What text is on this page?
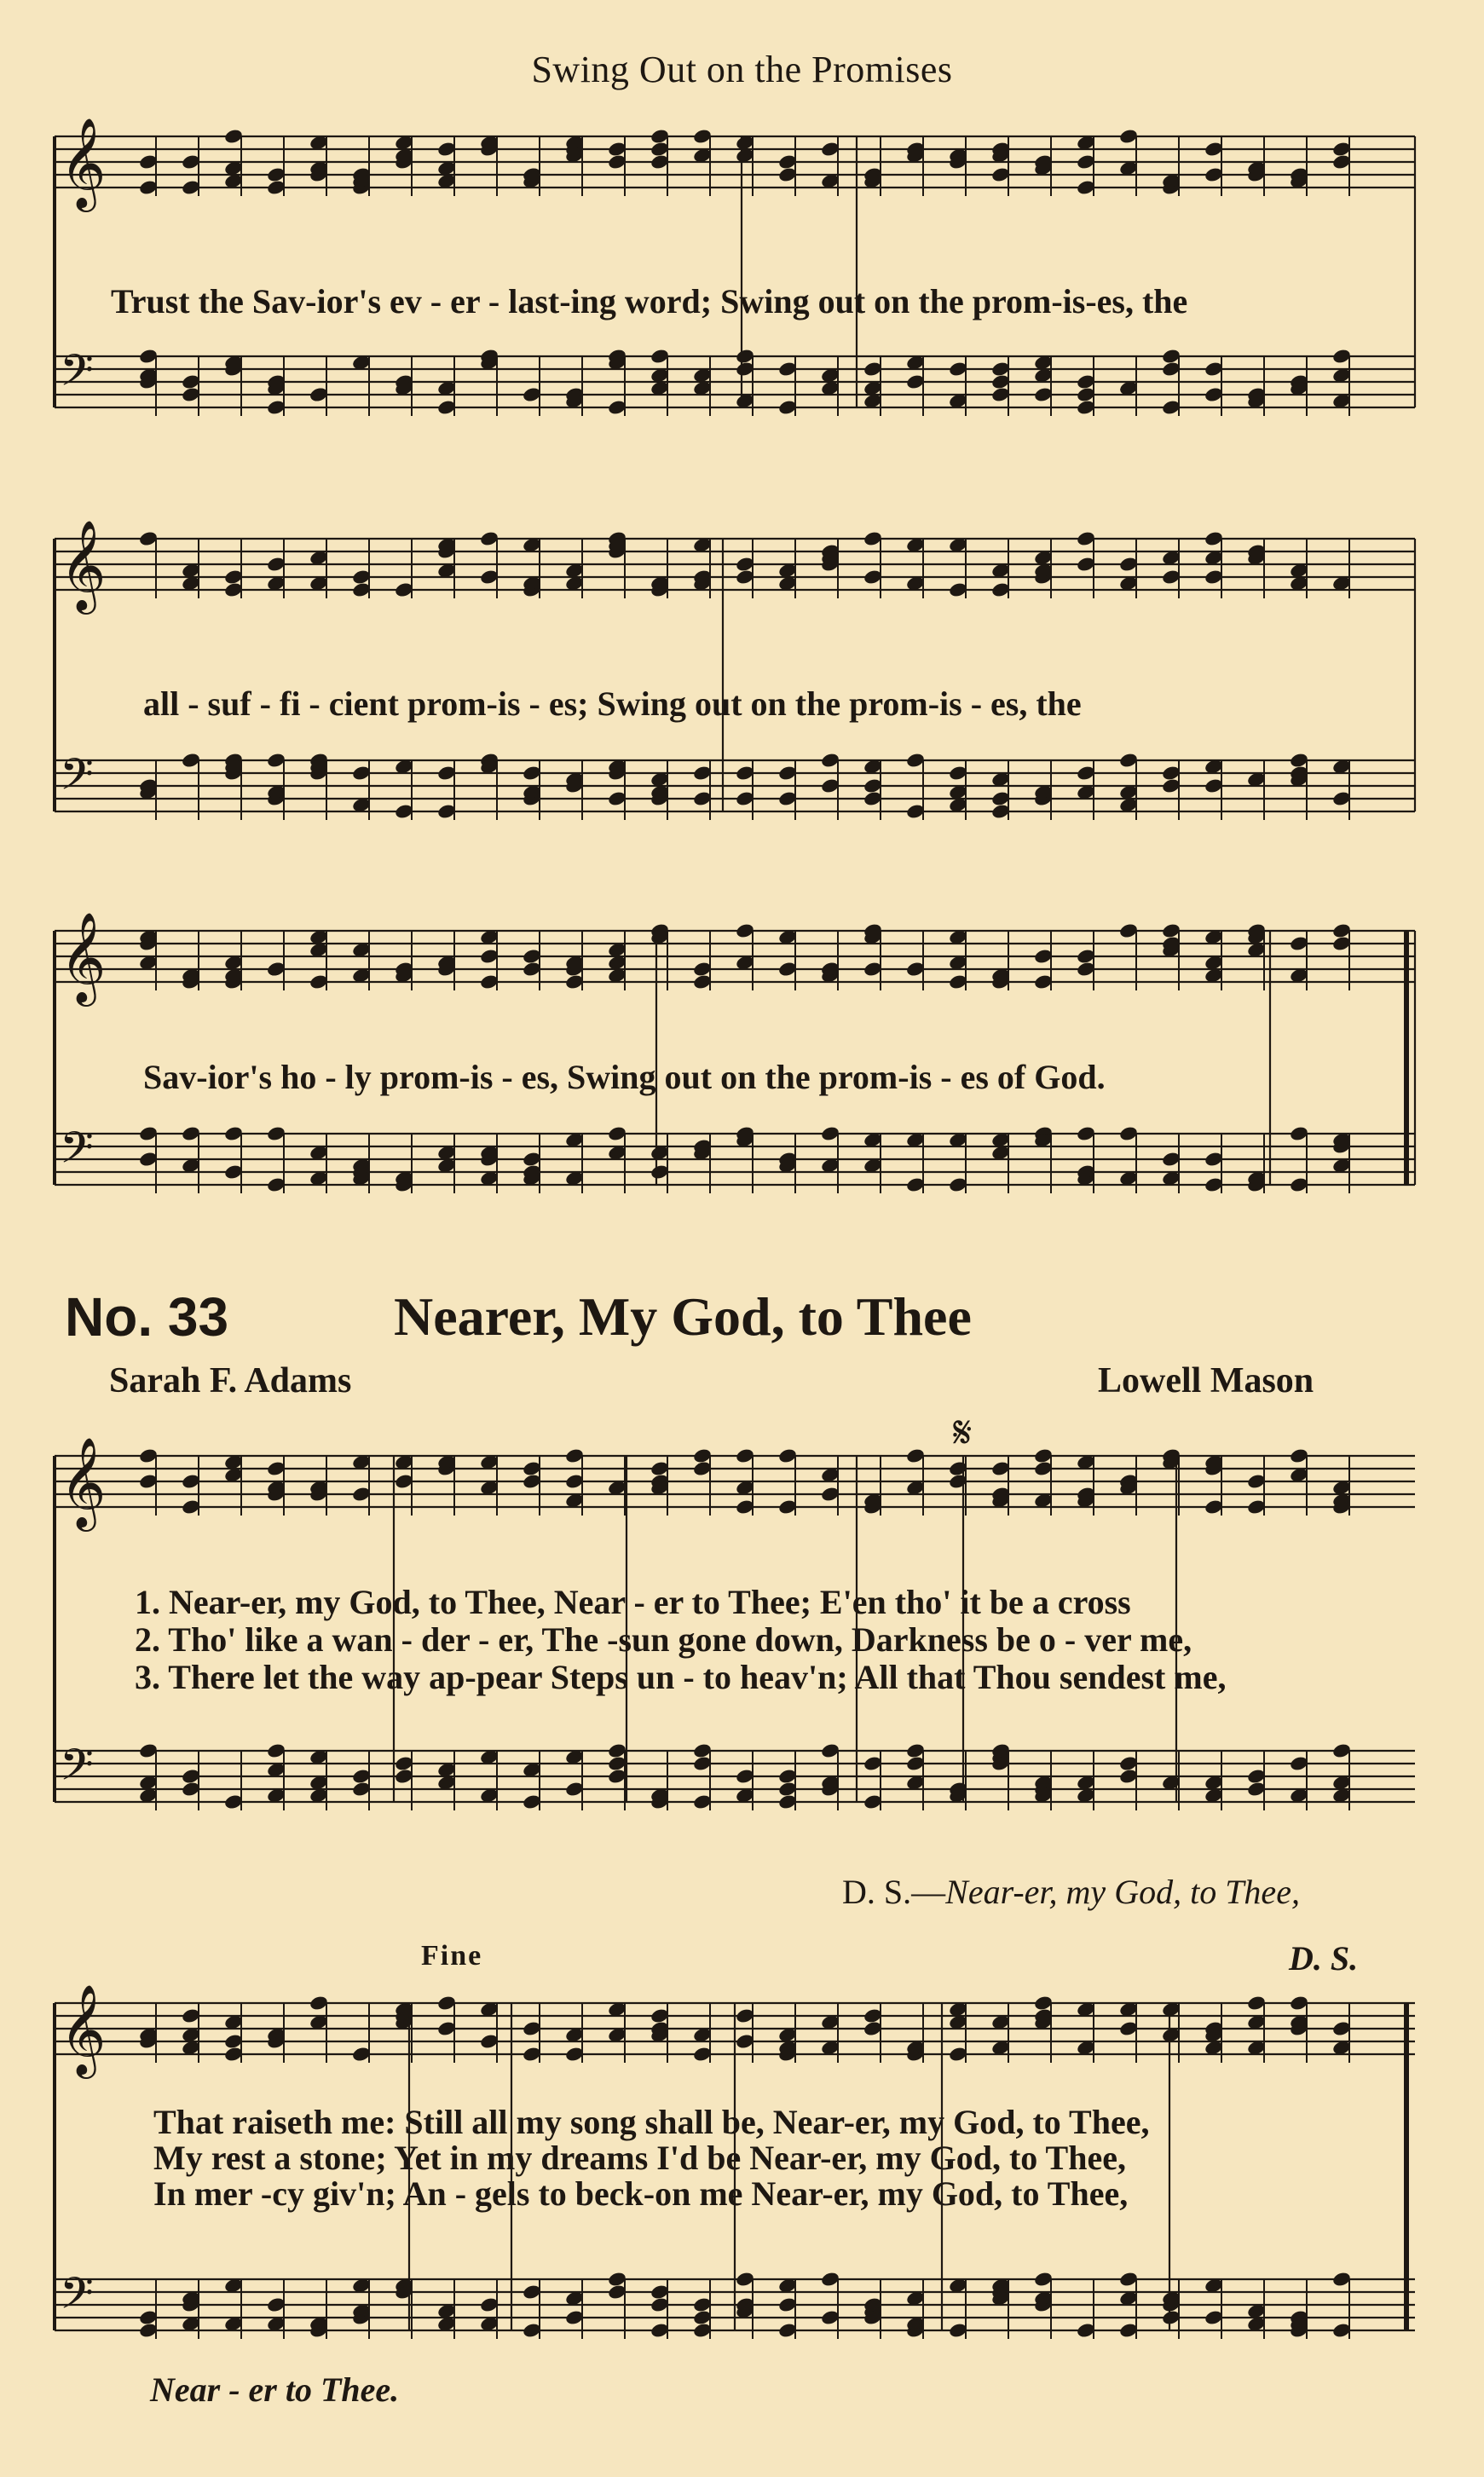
𝄞
𝄢
𝄞
𝄢
𝄞
𝄢
𝄞
𝄢
𝄞
𝄢
Swing Out on the Promises
Trust the Sav-ior's ev - er - last-ing word; Swing out on the prom-is-es, the
all - suf - fi - cient prom-is - es; Swing out on the prom-is - es, the
Sav-ior's ho - ly prom-is - es, Swing out on the prom-is - es of God.
No. 33	Nearer, My God, to Thee
Sarah F. Adams	Lowell Mason
𝄋
1. Near-er, my God, to Thee, Near - er to Thee; E'en tho' it be a cross
2. Tho' like a wan - der - er, The -sun gone down, Darkness be o - ver me,
3. There let the way ap-pear Steps un - to heav'n; All that Thou sendest me,
D. S.—Near-er, my God, to Thee,
Fine	D. S.
That raiseth me: Still all my song shall be, Near-er, my God, to Thee,
My rest a stone; Yet in my dreams I'd be Near-er, my God, to Thee,
In mer -cy giv'n; An - gels to beck-on me Near-er, my God, to Thee,
Near - er to Thee.
